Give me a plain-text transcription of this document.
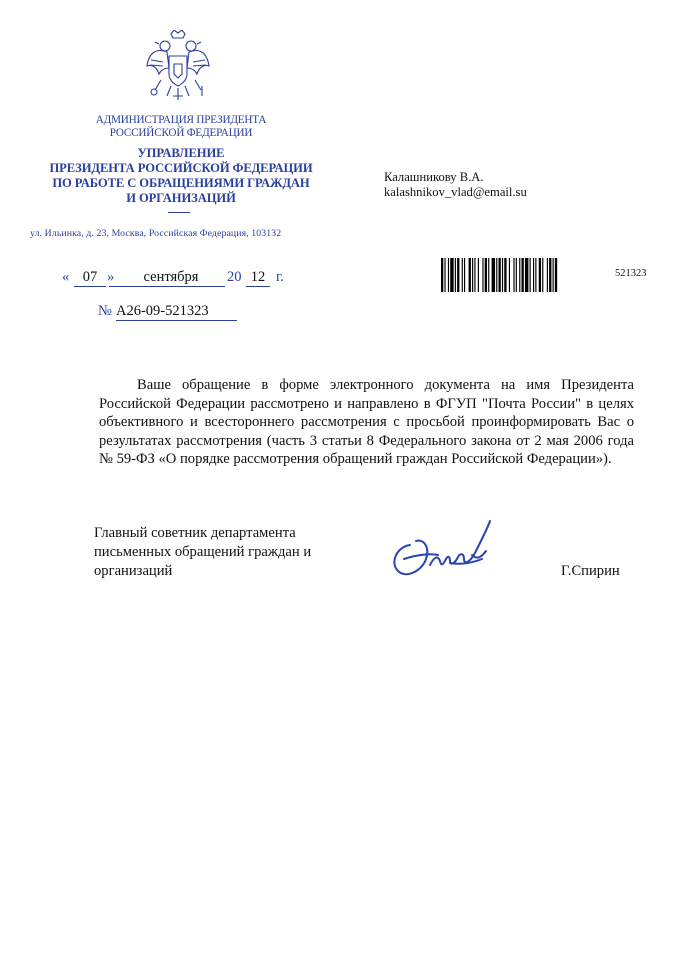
АДМИНИСТРАЦИЯ ПРЕЗИДЕНТА
РОССИЙСКОЙ ФЕДЕРАЦИИ
УПРАВЛЕНИЕ
ПРЕЗИДЕНТА РОССИЙСКОЙ ФЕДЕРАЦИИ
ПО РАБОТЕ С ОБРАЩЕНИЯМИ ГРАЖДАН
И ОРГАНИЗАЦИЙ
ул. Ильинка, д. 23, Москва, Российская Федерация, 103132
Калашникову В.А.
kalashnikov_vlad@email.su
« 07 »	сентября	20 12 г.
№ А26-09-521323
521323
Ваше обращение в форме электронного документа на имя Президента Российской Федерации рассмотрено и направлено в ФГУП "Почта России" в целях объективного и всестороннего рассмотрения с просьбой проинформировать Вас о результатах рассмотрения (часть 3 статьи 8 Федерального закона от 2 мая 2006 года № 59-ФЗ «О порядке рассмотрения обращений граждан Российской Федерации»).
Главный советник департамента
письменных обращений граждан и
организаций	Г.Спирин
